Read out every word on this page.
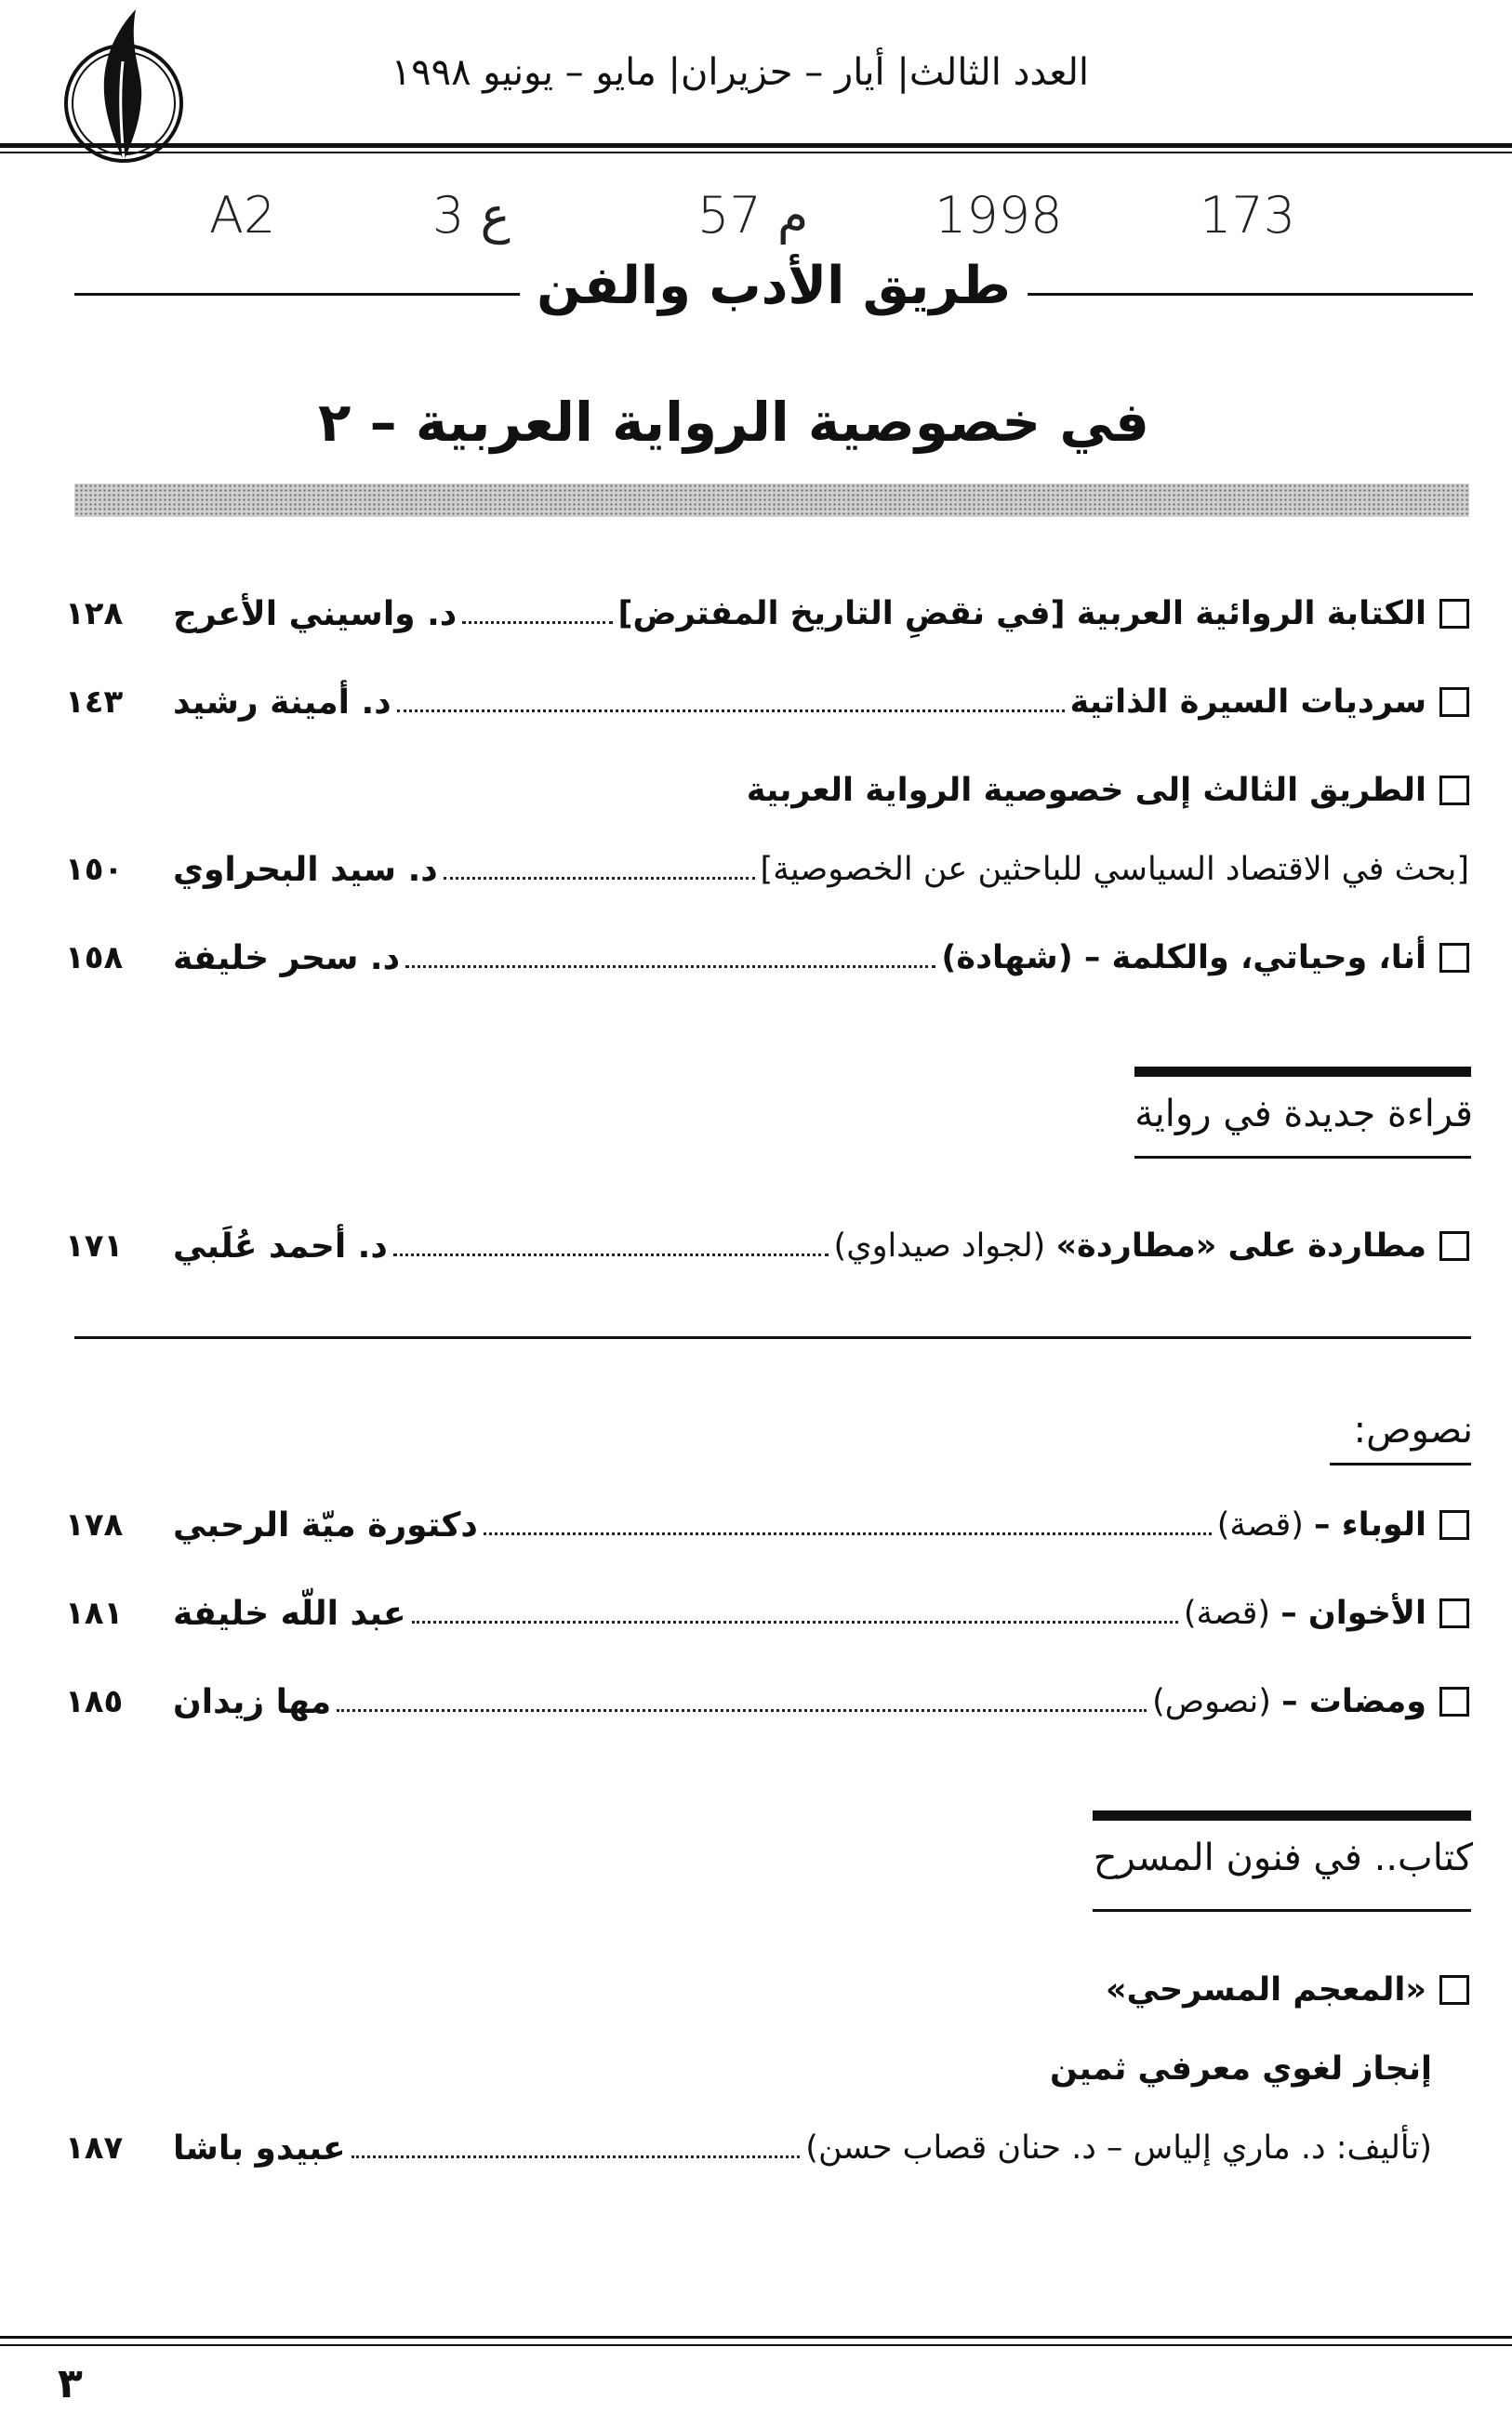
العدد الثالث| أيار – حزيران| مايو – يونيو ١٩٩٨
A2	3 ع	57 م	1998	173
طريق الأدب والفن
في خصوصية الرواية العربية – ٢
١٢٨	د. واسيني الأعرج	الكتابة الروائية العربية [في نقضِ التاريخ المفترض]
١٤٣	د. أمينة رشيد	سرديات السيرة الذاتية
الطريق الثالث إلى خصوصية الرواية العربية
١٥٠	د. سيد البحراوي	[بحث في الاقتصاد السياسي للباحثين عن الخصوصية]
١٥٨	د. سحر خليفة	أنا، وحياتي، والكلمة – (شهادة)
قراءة جديدة في رواية
١٧١	د. أحمد عُلَبي	مطاردة على «مطاردة» (لجواد صيداوي)
نصوص:
١٧٨	دكتورة ميّة الرحبي	الوباء – (قصة)
١٨١	عبد اللّه خليفة	الأخوان – (قصة)
١٨٥	مها زيدان	ومضات – (نصوص)
كتاب.. في فنون المسرح
«المعجم المسرحي»
إنجاز لغوي معرفي ثمين
١٨٧	عبيدو باشا	(تأليف: د. ماري إلياس – د. حنان قصاب حسن)
٣
